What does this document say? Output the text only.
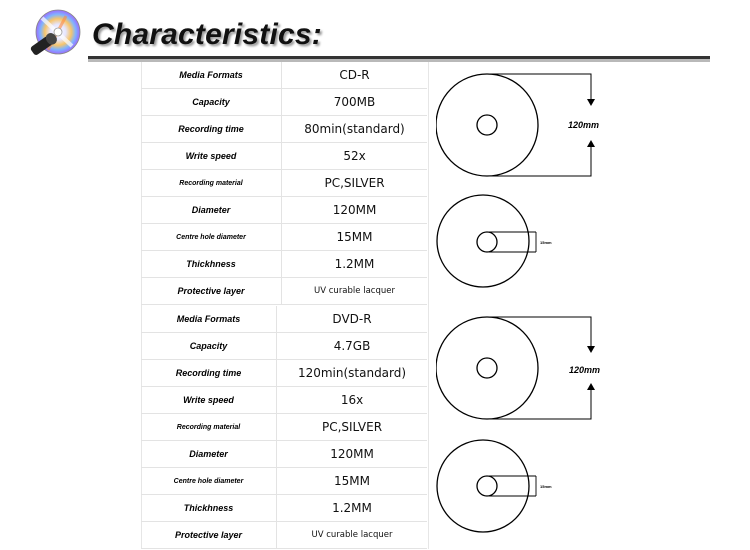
Characteristics:
Media Formats	CD-R
Capacity	700MB
Recording time	80min(standard)
Write speed	52x
Recording material	PC,SILVER
Diameter	120MM
Centre hole diameter	15MM
Thickhness	1.2MM
Protective layer	UV curable lacquer
Media Formats	DVD-R
Capacity	4.7GB
Recording time	120min(standard)
Write speed	16x
Recording material	PC,SILVER
Diameter	120MM
Centre hole diameter	15MM
Thickhness	1.2MM
Protective layer	UV curable lacquer
120mm
15mm
120mm
15mm
